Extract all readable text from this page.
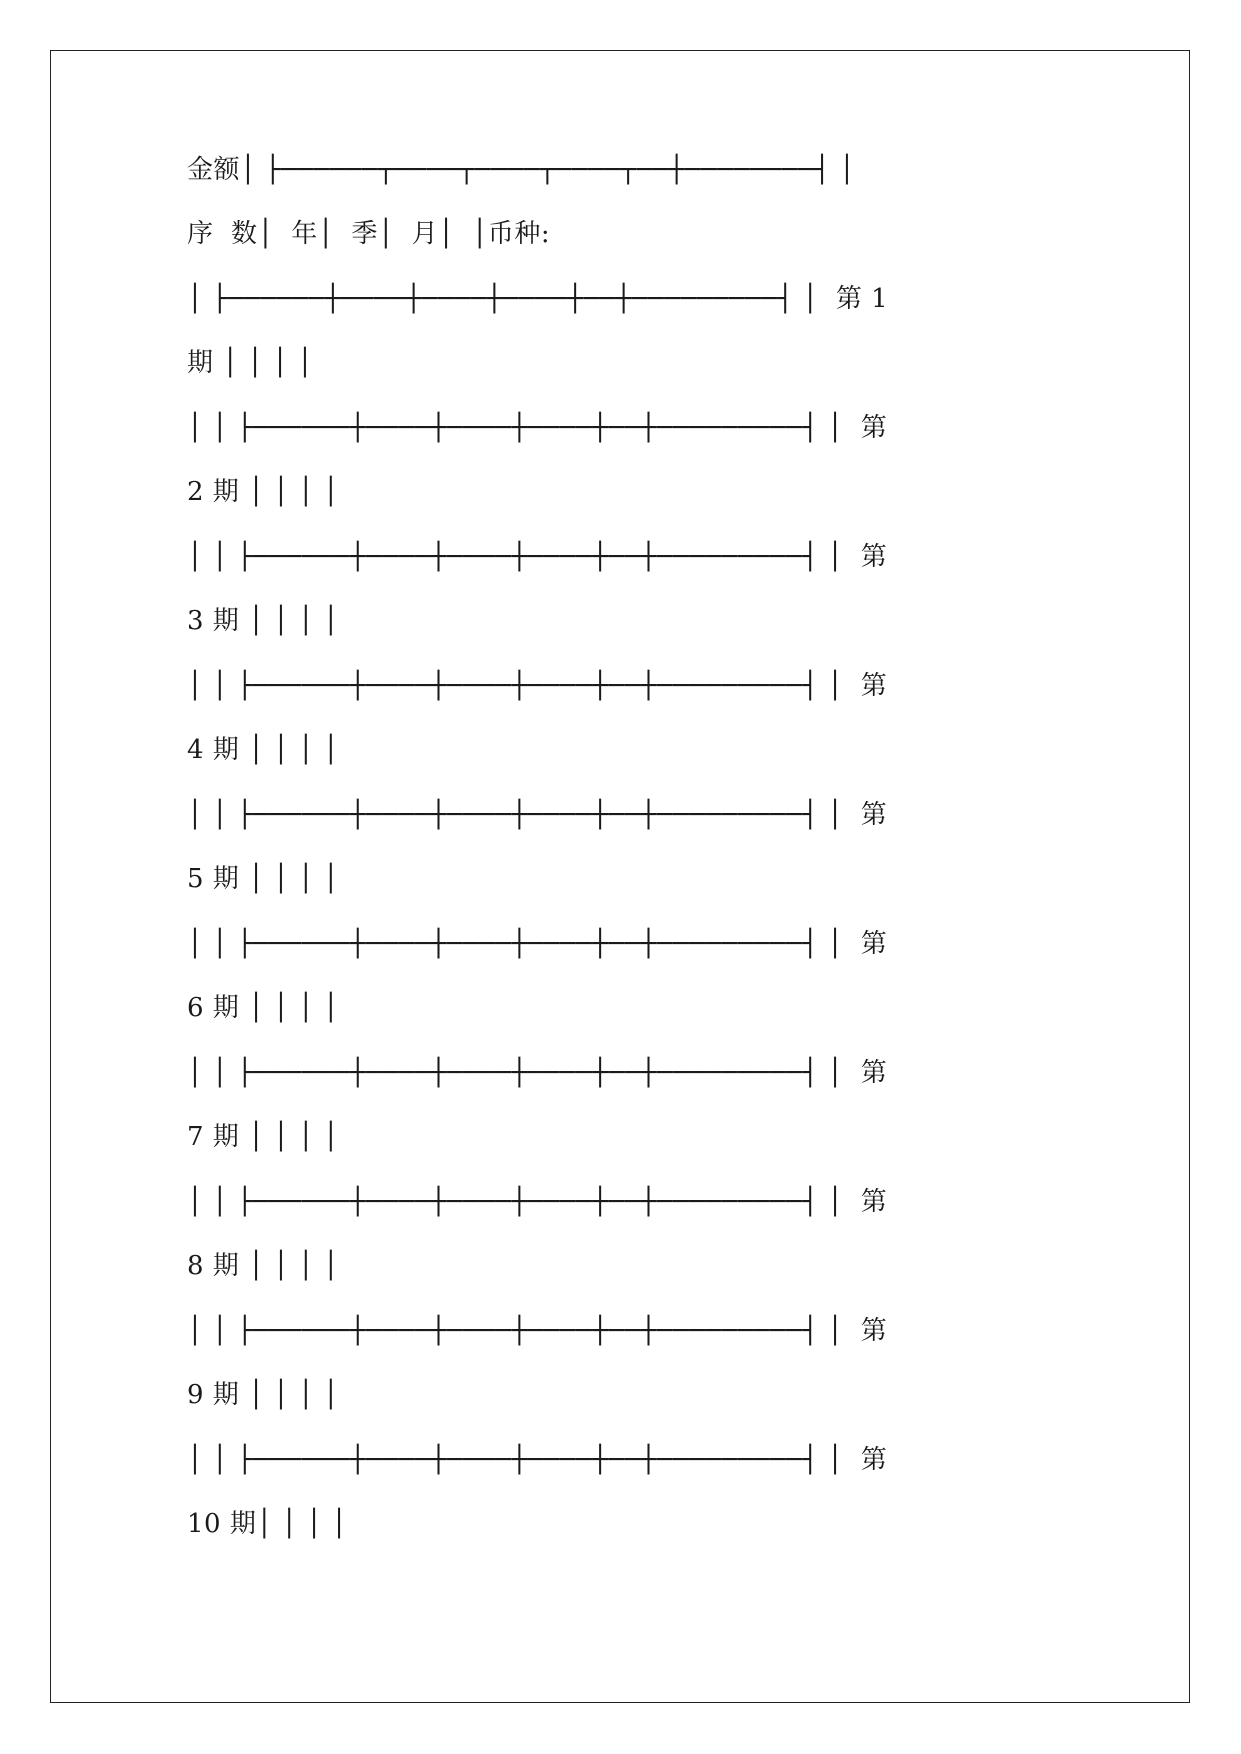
金额│ ├──────┬────┬────┬────┬──┼────────┤ │

序  数│  年│  季│  月│  │币种:

│ ├──────┼────┼────┼────┼──┼─────────┤ │  第 1

期 │ │ │ │

│ │ ├──────┼────┼────┼────┼──┼─────────┤ │  第

2 期 │ │ │ │

│ │ ├──────┼────┼────┼────┼──┼─────────┤ │  第

3 期 │ │ │ │

│ │ ├──────┼────┼────┼────┼──┼─────────┤ │  第

4 期 │ │ │ │

│ │ ├──────┼────┼────┼────┼──┼─────────┤ │  第

5 期 │ │ │ │

│ │ ├──────┼────┼────┼────┼──┼─────────┤ │  第

6 期 │ │ │ │

│ │ ├──────┼────┼────┼────┼──┼─────────┤ │  第

7 期 │ │ │ │

│ │ ├──────┼────┼────┼────┼──┼─────────┤ │  第

8 期 │ │ │ │

│ │ ├──────┼────┼────┼────┼──┼─────────┤ │  第

9 期 │ │ │ │

│ │ ├──────┼────┼────┼────┼──┼─────────┤ │  第

10 期│ │ │ │
